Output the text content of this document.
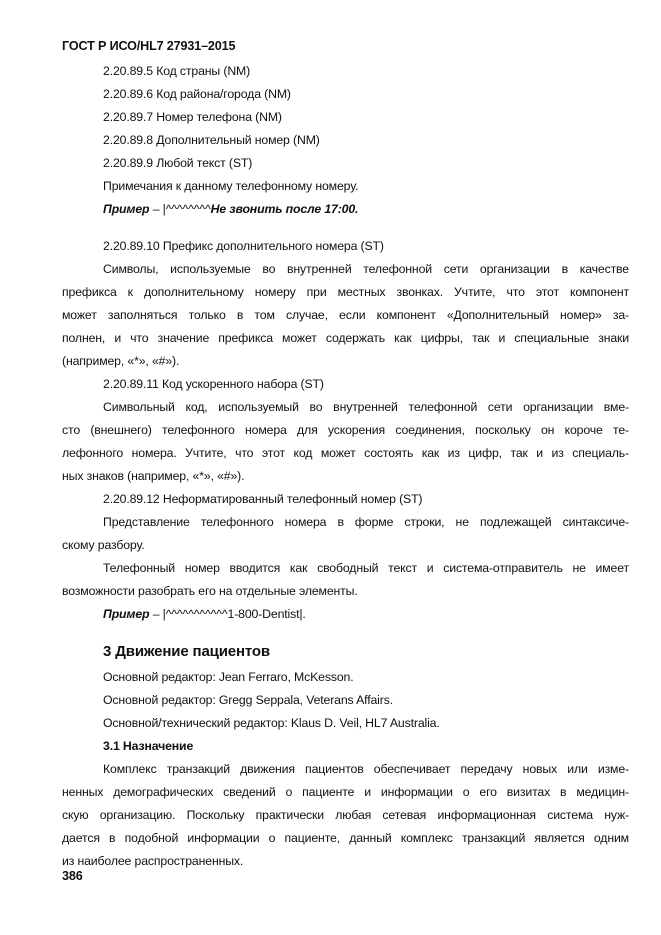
ГОСТ Р ИСО/HL7 27931–2015
2.20.89.5 Код страны (NM)
2.20.89.6 Код района/города (NM)
2.20.89.7 Номер телефона (NM)
2.20.89.8 Дополнительный номер (NM)
2.20.89.9 Любой текст (ST)
Примечания к данному телефонному номеру.
Пример – |^^^^^^^^Не звонить после 17:00.
2.20.89.10 Префикс дополнительного номера (ST)
Символы, используемые во внутренней телефонной сети организации в качестве
префикса к дополнительному номеру при местных звонках. Учтите, что этот компонент
может заполняться только в том случае, если компонент «Дополнительный номер» за-
полнен, и что значение префикса может содержать как цифры, так и специальные знаки
(например, «*», «#»).
2.20.89.11 Код ускоренного набора (ST)
Символьный код, используемый во внутренней телефонной сети организации вме-
сто (внешнего) телефонного номера для ускорения соединения, поскольку он короче те-
лефонного номера. Учтите, что этот код может состоять как из цифр, так и из специаль-
ных знаков (например, «*», «#»).
2.20.89.12 Неформатированный телефонный номер (ST)
Представление телефонного номера в форме строки, не подлежащей синтаксиче-
скому разбору.
Телефонный номер вводится как свободный текст и система-отправитель не имеет
возможности разобрать его на отдельные элементы.
Пример – |^^^^^^^^^^^1-800-Dentist|.
3 Движение пациентов
Основной редактор: Jean Ferraro, McKesson.
Основной редактор: Gregg Seppala, Veterans Affairs.
Основной/технический редактор: Klaus D. Veil, HL7 Australia.
3.1 Назначение
Комплекс транзакций движения пациентов обеспечивает передачу новых или изме-
ненных демографических сведений о пациенте и информации о его визитах в медицин-
скую организацию. Поскольку практически любая сетевая информационная система нуж-
дается в подобной информации о пациенте, данный комплекс транзакций является одним
из наиболее распространенных.
386
